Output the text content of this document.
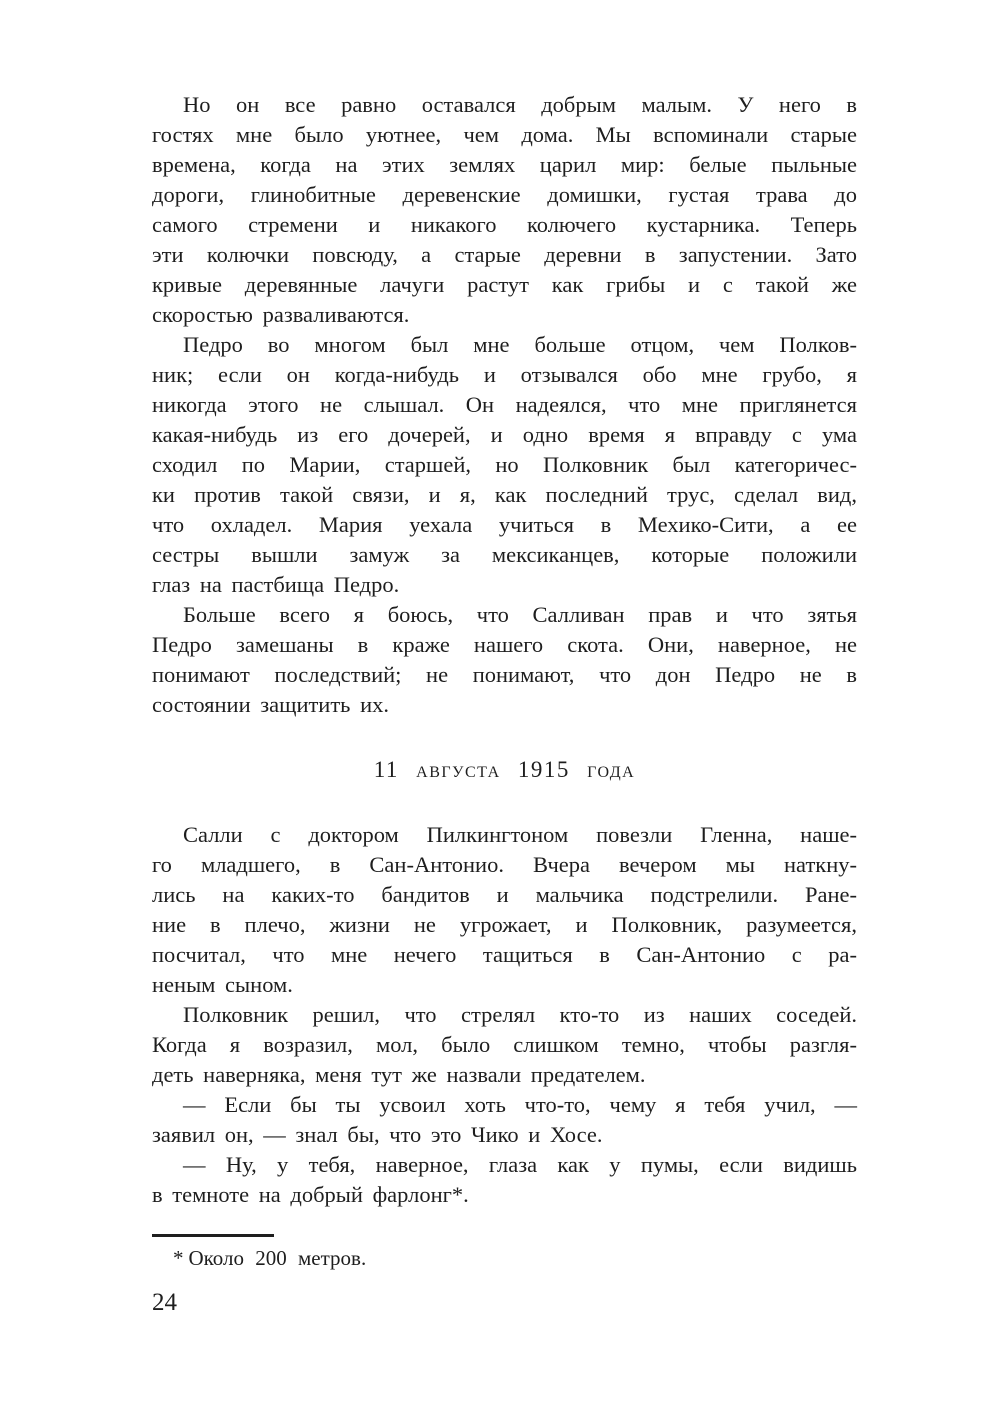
Но он все равно оставался добрым малым. У него в
гостях мне было уютнее, чем дома. Мы вспоминали старые
времена, когда на этих землях царил мир: белые пыльные
дороги, глинобитные деревенские домишки, густая трава до
самого стремени и никакого колючего кустарника. Теперь
эти колючки повсюду, а старые деревни в запустении. Зато
кривые деревянные лачуги растут как грибы и с такой же
скоростью разваливаются.
Педро во многом был мне больше отцом, чем Полков-
ник; если он когда-нибудь и отзывался обо мне грубо, я
никогда этого не слышал. Он надеялся, что мне приглянется
какая-нибудь из его дочерей, и одно время я вправду с ума
сходил по Марии, старшей, но Полковник был категоричес-
ки против такой связи, и я, как последний трус, сделал вид,
что охладел. Мария уехала учиться в Мехико-Сити, а ее
сестры вышли замуж за мексиканцев, которые положили
глаз на пастбища Педро.
Больше всего я боюсь, что Салливан прав и что зятья
Педро замешаны в краже нашего скота. Они, наверное, не
понимают последствий; не понимают, что дон Педро не в
состоянии защитить их.
11 августа 1915 года
Салли с доктором Пилкингтоном повезли Гленна, наше-
го младшего, в Сан-Антонио. Вчера вечером мы наткну-
лись на каких-то бандитов и мальчика подстрелили. Ране-
ние в плечо, жизни не угрожает, и Полковник, разумеется,
посчитал, что мне нечего тащиться в Сан-Антонио с ра-
неным сыном.
Полковник решил, что стрелял кто-то из наших соседей.
Когда я возразил, мол, было слишком темно, чтобы разгля-
деть наверняка, меня тут же назвали предателем.
— Если бы ты усвоил хоть что-то, чему я тебя учил, —
заявил он, — знал бы, что это Чико и Хосе.
— Ну, у тебя, наверное, глаза как у пумы, если видишь
в темноте на добрый фарлонг*.
* Около 200 метров.
24
